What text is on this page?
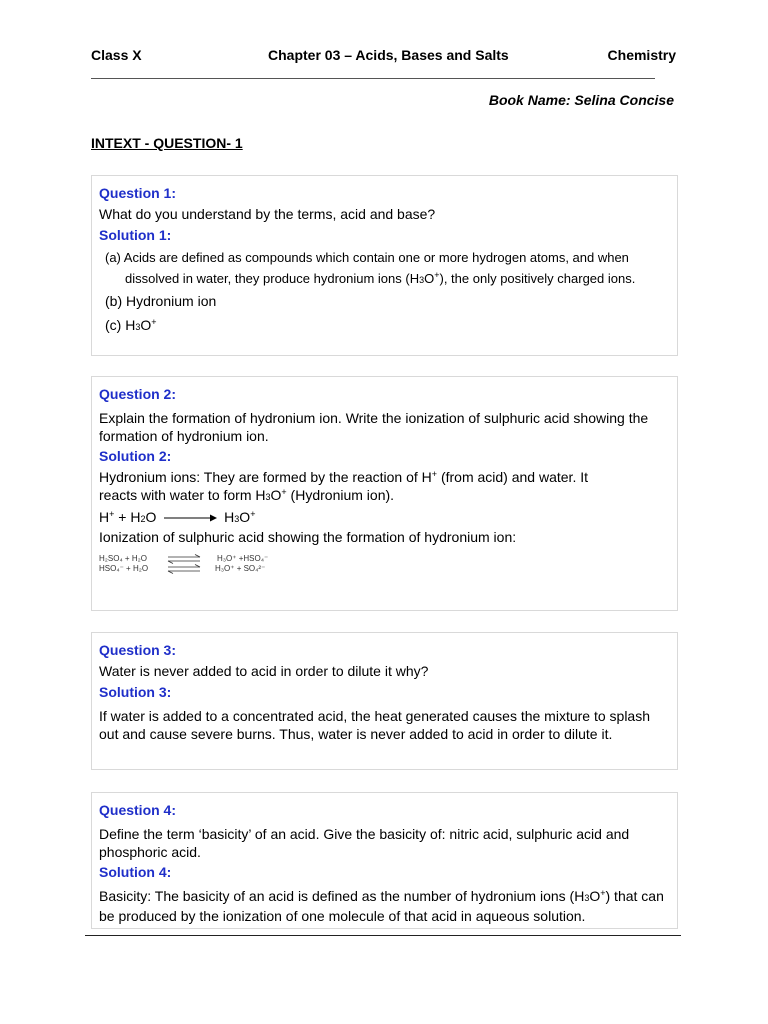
Class X	Chapter 03 – Acids, Bases and Salts	Chemistry
Book Name: Selina Concise
INTEXT - QUESTION- 1

Question 1:

What do you understand by the terms, acid and base?

Solution 1:

(a) Acids are defined as compounds which contain one or more hydrogen atoms, and when

dissolved in water, they produce hydronium ions (H3O+), the only positively charged ions.

(b) Hydronium ion

(c) H3O+

Question 2:

Explain the formation of hydronium ion. Write the ionization of sulphuric acid showing the formation of hydronium ion.

Solution 2:

Hydronium ions: They are formed by the reaction of H+ (from acid) and water. It

reacts with water to form H3O+ (Hydronium ion).

H+ + H2O → H3O+

Ionization of sulphuric acid showing the formation of hydronium ion:

H₂SO₄ + H₂O	H₃O⁺ +HSO₄⁻
HSO₄⁻ + H₂O	H₃O⁺ + SO₄²⁻

Question 3:

Water is never added to acid in order to dilute it why?

Solution 3:

If water is added to a concentrated acid, the heat generated causes the mixture to splash out and cause severe burns. Thus, water is never added to acid in order to dilute it.

Question 4:

Define the term ‘basicity’ of an acid. Give the basicity of: nitric acid, sulphuric acid and phosphoric acid.

Solution 4:

Basicity: The basicity of an acid is defined as the number of hydronium ions (H3O+) that can be produced by the ionization of one molecule of that acid in aqueous solution.
